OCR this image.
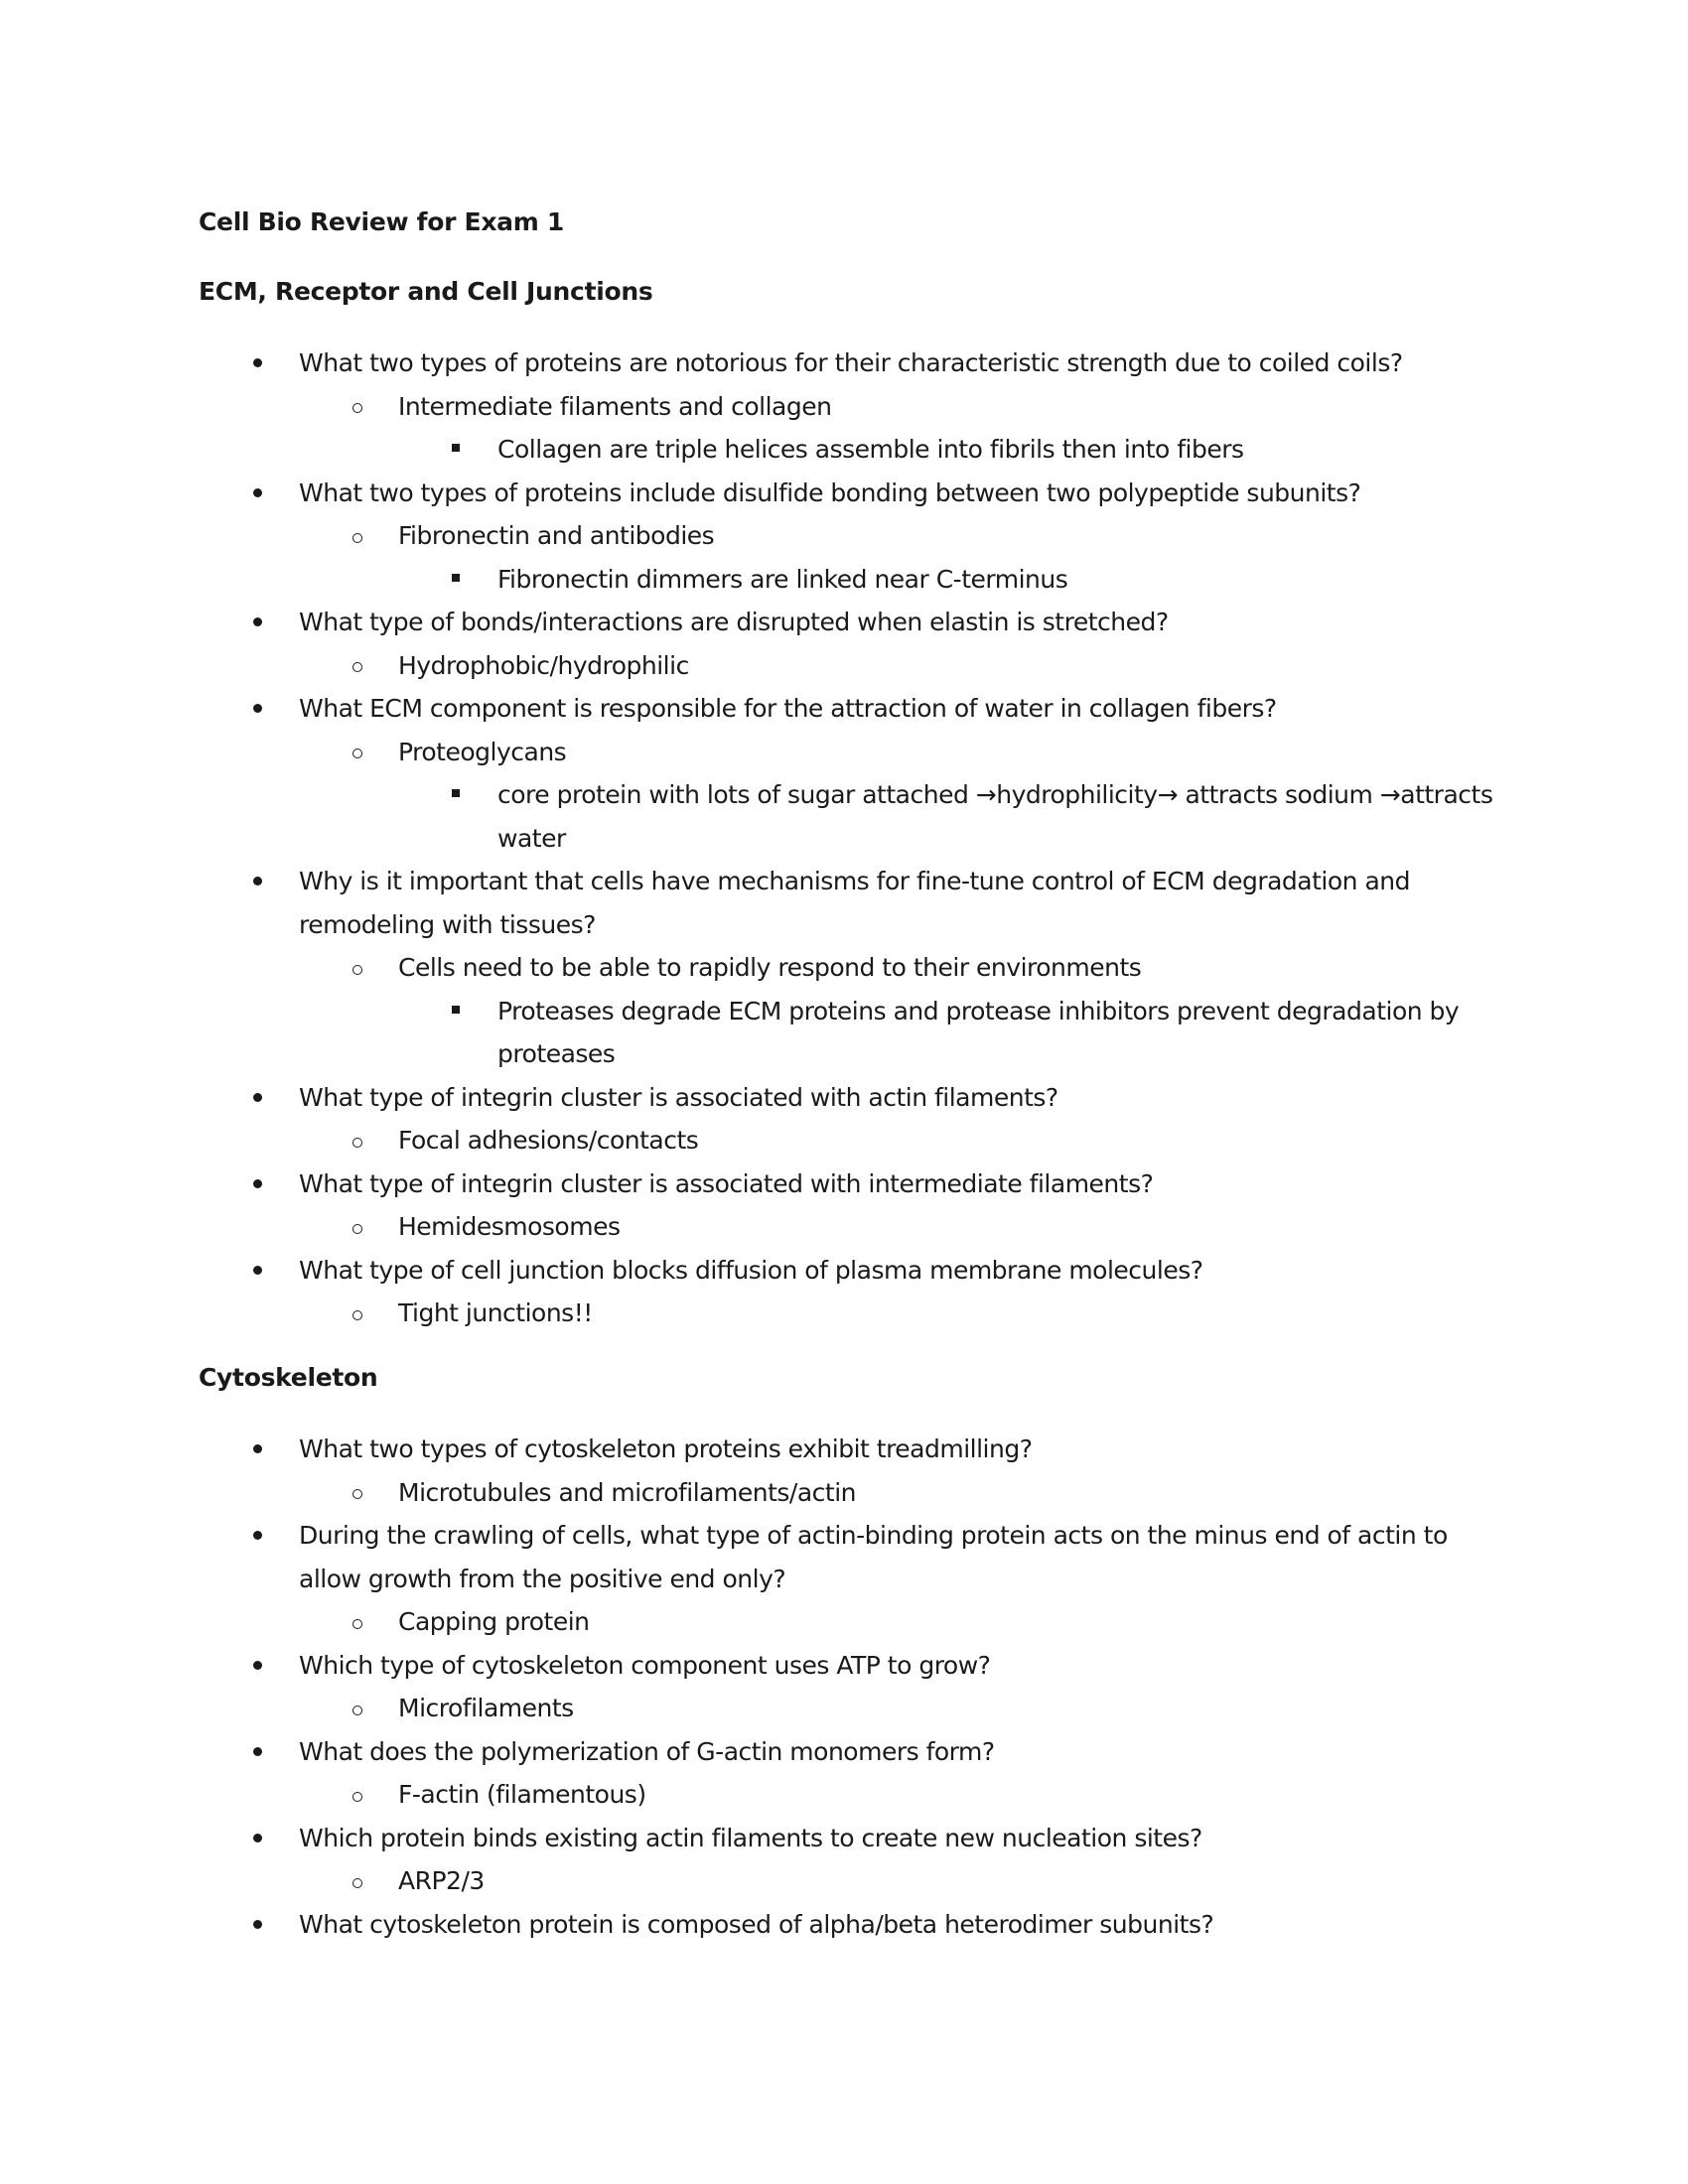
Cell Bio Review for Exam 1
ECM, Receptor and Cell Junctions
What two types of proteins are notorious for their characteristic strength due to coiled coils?
Intermediate filaments and collagen
Collagen are triple helices assemble into fibrils then into fibers
What two types of proteins include disulfide bonding between two polypeptide subunits?
Fibronectin and antibodies
Fibronectin dimmers are linked near C-terminus
What type of bonds/interactions are disrupted when elastin is stretched?
Hydrophobic/hydrophilic
What ECM component is responsible for the attraction of water in collagen fibers?
Proteoglycans
core protein with lots of sugar attached →hydrophilicity→ attracts sodium →attracts water
Why is it important that cells have mechanisms for fine-tune control of ECM degradation and remodeling with tissues?
Cells need to be able to rapidly respond to their environments
Proteases degrade ECM proteins and protease inhibitors prevent degradation by proteases
What type of integrin cluster is associated with actin filaments?
Focal adhesions/contacts
What type of integrin cluster is associated with intermediate filaments?
Hemidesmosomes
What type of cell junction blocks diffusion of plasma membrane molecules?
Tight junctions!!
Cytoskeleton
What two types of cytoskeleton proteins exhibit treadmilling?
Microtubules and microfilaments/actin
During the crawling of cells, what type of actin-binding protein acts on the minus end of actin to allow growth from the positive end only?
Capping protein
Which type of cytoskeleton component uses ATP to grow?
Microfilaments
What does the polymerization of G-actin monomers form?
F-actin (filamentous)
Which protein binds existing actin filaments to create new nucleation sites?
ARP2/3
What cytoskeleton protein is composed of alpha/beta heterodimer subunits?
